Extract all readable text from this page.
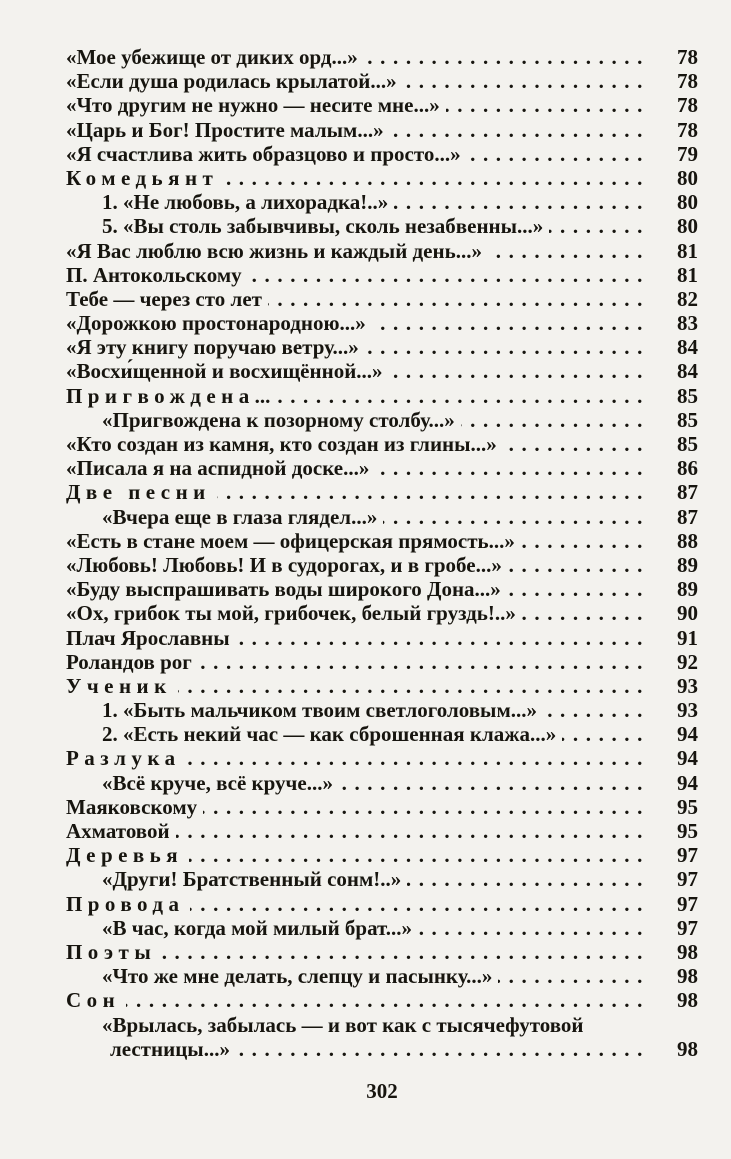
«Мое убежище от диких орд...» .....	78
«Если душа родилась крылатой...» .....	78
«Что другим не нужно — несите мне...» .....	78
«Царь и Бог! Простите малым...» .....	78
«Я счастлива жить образцово и просто...» .....	79
Комедьянт .....	80
1. «Не любовь, а лихорадка!..» .....	80
5. «Вы столь забывчивы, сколь незабвенны...» .....	80
«Я Вас люблю всю жизнь и каждый день...» .....	81
П. Антокольскому .....	81
Тебе — через сто лет .....	82
«Дорожкою простонародною...» .....	83
«Я эту книгу поручаю ветру...» .....	84
«Восхи́щенной и восхищённой...» .....	84
Пригвождена ... .....	85
«Пригвождена к позорному столбу...» .....	85
«Кто создан из камня, кто создан из глины...» .....	85
«Писала я на аспидной доске...» .....	86
Две песни .....	87
«Вчера еще в глаза глядел...» .....	87
«Есть в стане моем — офицерская прямость...» .....	88
«Любовь! Любовь! И в судорогах, и в гробе...» .....	89
«Буду выспрашивать воды широкого Дона...» .....	89
«Ох, грибок ты мой, грибочек, белый груздь!..» .....	90
Плач Ярославны .....	91
Роландов рог .....	92
Ученик .....	93
1. «Быть мальчиком твоим светлоголовым...» .....	93
2. «Есть некий час — как сброшенная клажа...» .....	94
Разлука .....	94
«Всё круче, всё круче...» .....	94
Маяковскому .....	95
Ахматовой .....	95
Деревья .....	97
«Други! Братственный сонм!..» .....	97
Провода .....	97
«В час, когда мой милый брат...» .....	97
Поэты .....	98
«Что же мне делать, слепцу и пасынку...» .....	98
Сон .....	98
«Врылась, забылась — и вот как с тысячефутовой
лестницы...» .....	98
302
